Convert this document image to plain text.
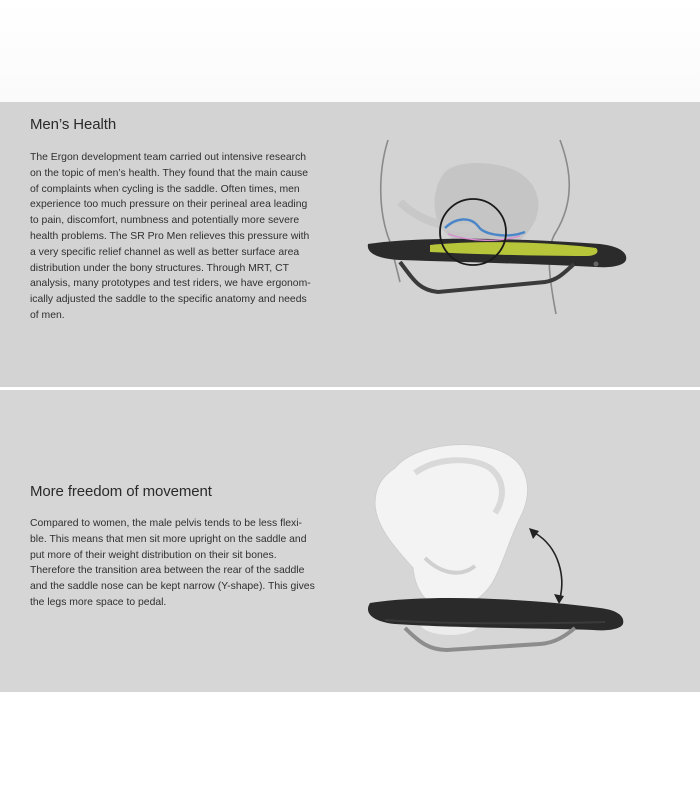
Men’s Health

The Ergon development team carried out intensive research
on the topic of men’s health. They found that the main cause
of complaints when cycling is the saddle. Often times, men
experience too much pressure on their perineal area leading
to pain, discomfort, numbness and potentially more severe
health problems. The SR Pro Men relieves this pressure with
a very specific relief channel as well as better surface area
distribution under the bony structures. Through MRT, CT
analysis, many prototypes and test riders, we have ergonom-
ically adjusted the saddle to the specific anatomy and needs
of men.

More freedom of movement

Compared to women, the male pelvis tends to be less flexi-
ble. This means that men sit more upright on the saddle and
put more of their weight distribution on their sit bones.
Therefore the transition area between the rear of the saddle
and the saddle nose can be kept narrow (Y-shape). This gives
the legs more space to pedal.
